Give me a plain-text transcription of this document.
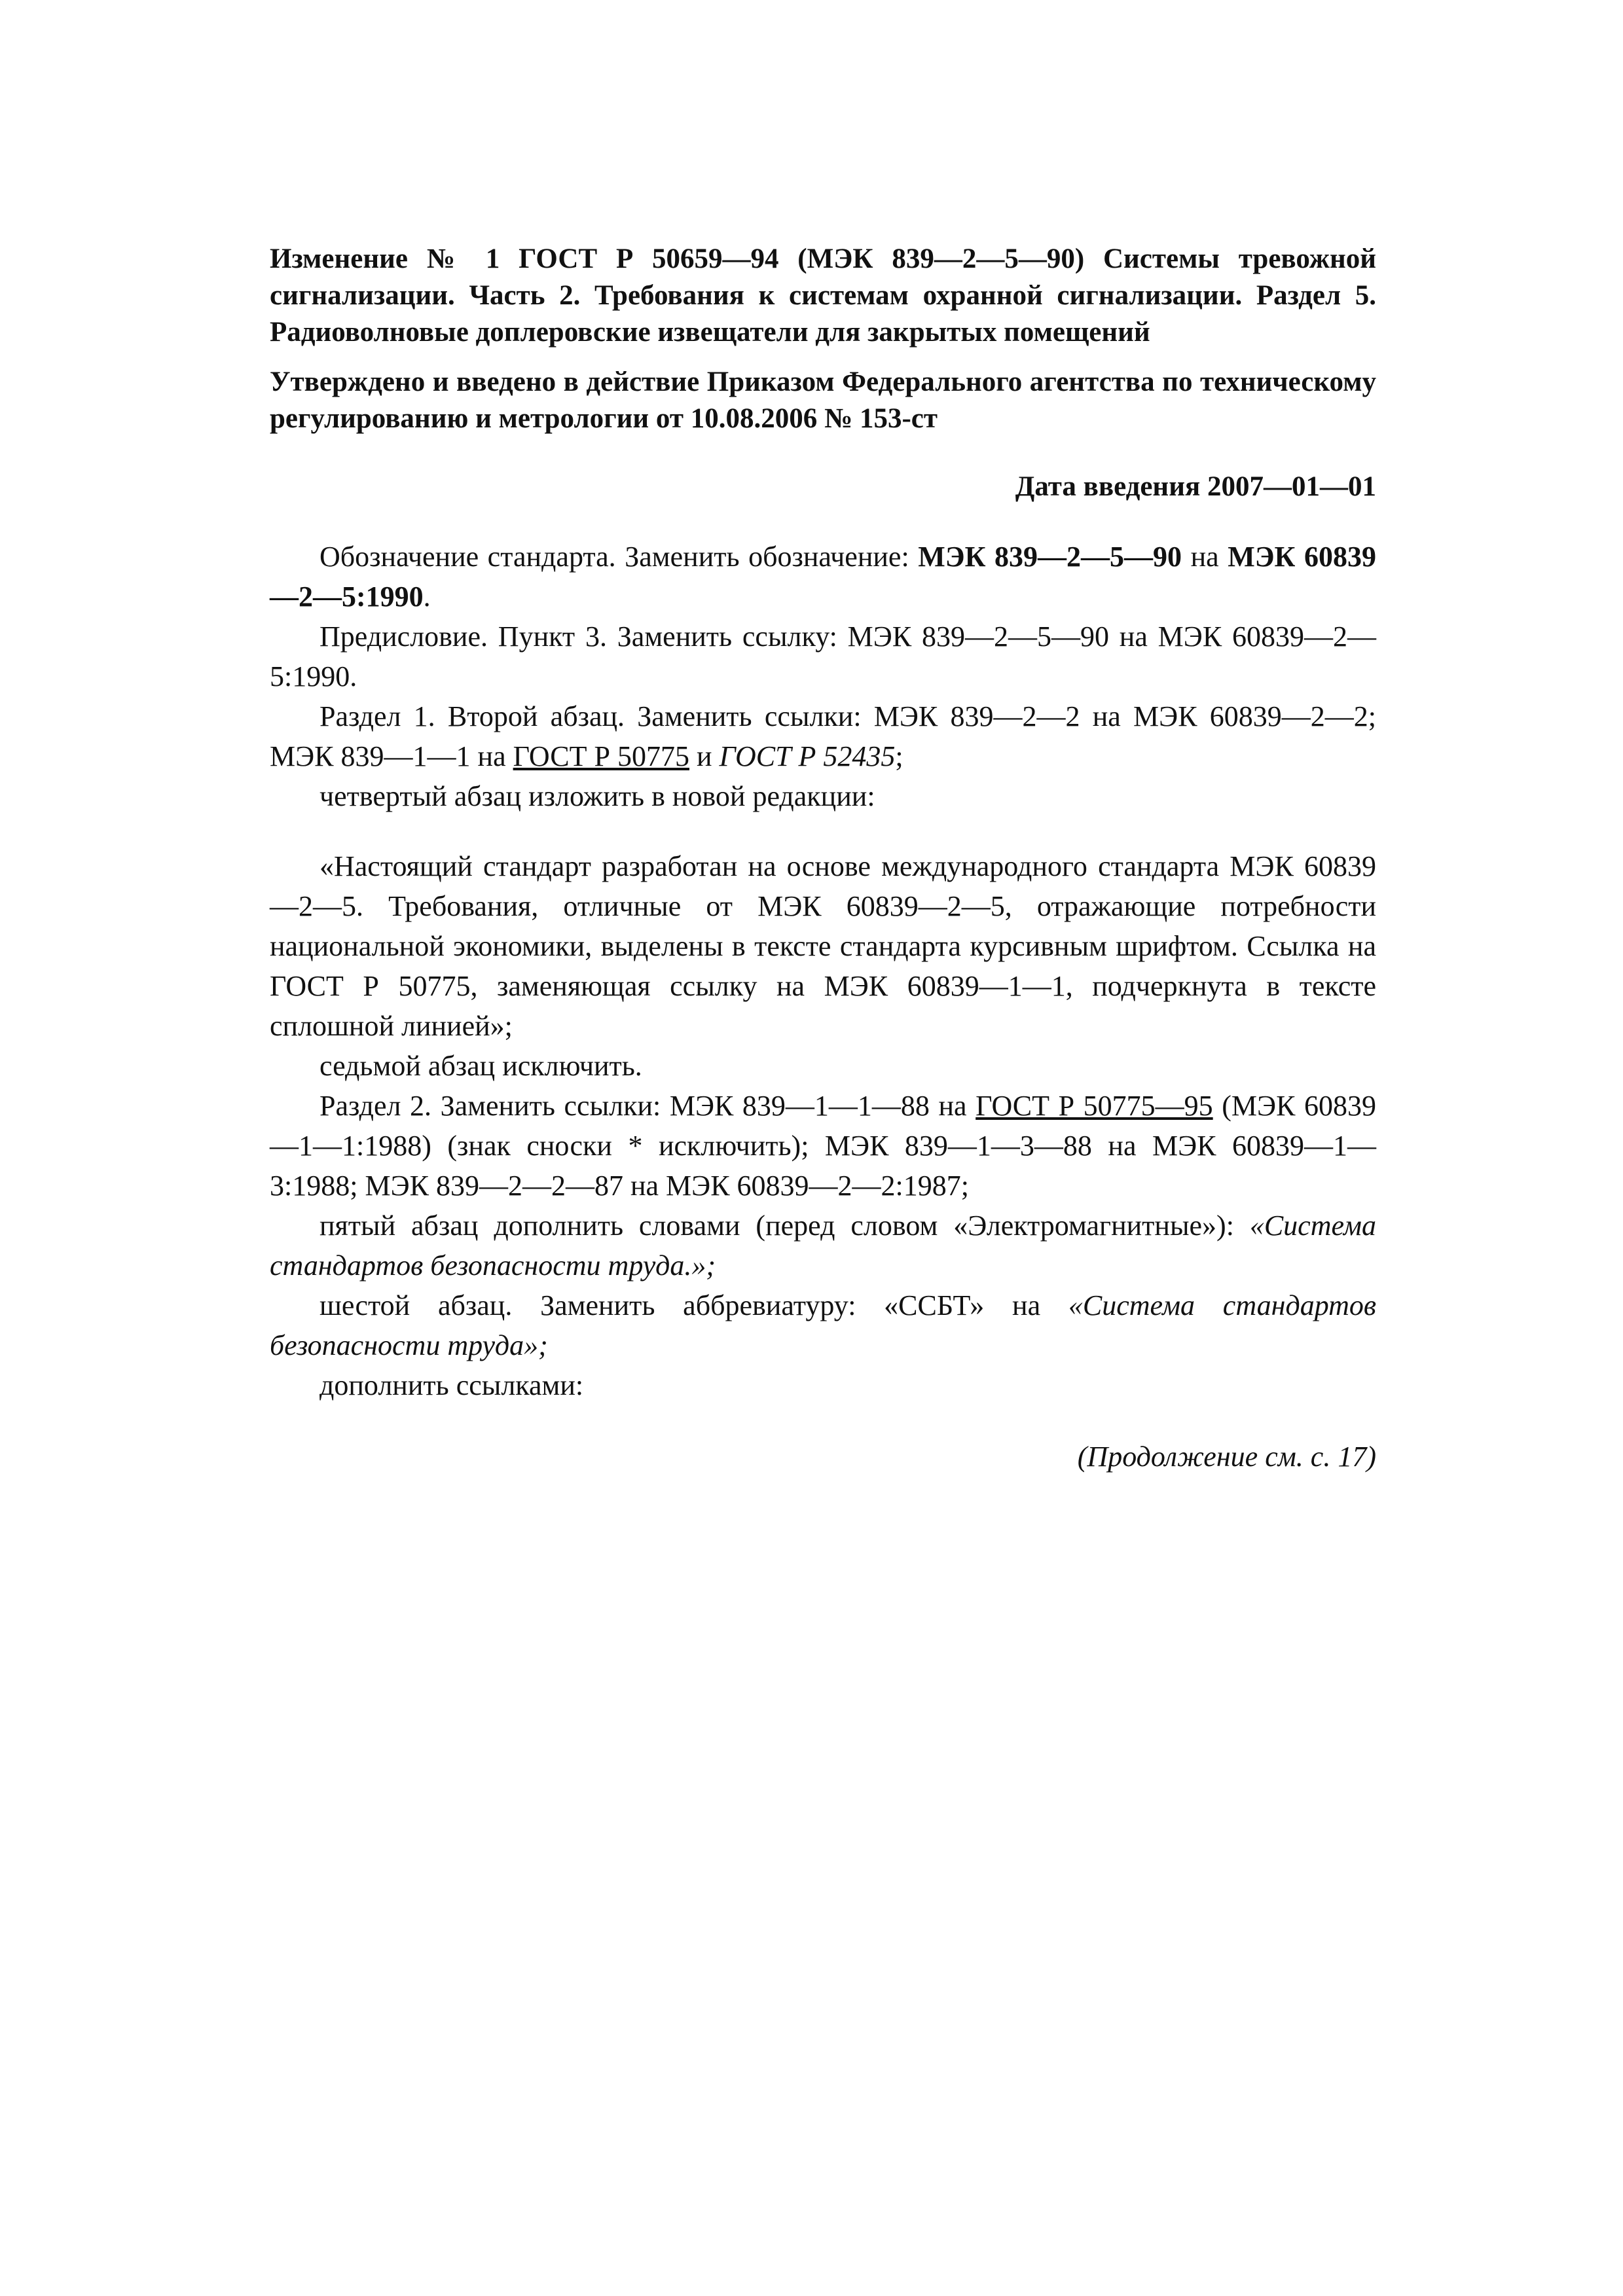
Изменение № 1 ГОСТ Р 50659—94 (МЭК 839—2—5—90) Системы тревожной сигнализации. Часть 2. Требования к системам охранной сигнализации. Раздел 5. Радиоволновые доплеровские извещатели для закрытых помещений

Утверждено и введено в действие Приказом Федерального агентства по техническому регулированию и метрологии от 10.08.2006 № 153-ст

Дата введения 2007—01—01

Обозначение стандарта. Заменить обозначение: МЭК 839—2—5—90 на МЭК 60839—2—5:1990.

Предисловие. Пункт 3. Заменить ссылку: МЭК 839—2—5—90 на МЭК 60839—2—5:1990.

Раздел 1. Второй абзац. Заменить ссылки: МЭК 839—2—2 на МЭК 60839—2—2; МЭК 839—1—1 на ГОСТ Р 50775 и ГОСТ Р 52435;

четвертый абзац изложить в новой редакции:

«Настоящий стандарт разработан на основе международного стандарта МЭК 60839—2—5. Требования, отличные от МЭК 60839—2—5, отражающие потребности национальной экономики, выделены в тексте стандарта курсивным шрифтом. Ссылка на ГОСТ Р 50775, заменяющая ссылку на МЭК 60839—1—1, подчеркнута в тексте сплошной линией»;

седьмой абзац исключить.

Раздел 2. Заменить ссылки: МЭК 839—1—1—88 на ГОСТ Р 50775—95 (МЭК 60839—1—1:1988) (знак сноски * исключить); МЭК 839—1—3—88 на МЭК 60839—1—3:1988; МЭК 839—2—2—87 на МЭК 60839—2—2:1987;

пятый абзац дополнить словами (перед словом «Электромагнитные»): «Система стандартов безопасности труда.»;

шестой абзац. Заменить аббревиатуру: «ССБТ» на «Система стандартов безопасности труда»;

дополнить ссылками:

(Продолжение см. с. 17)
